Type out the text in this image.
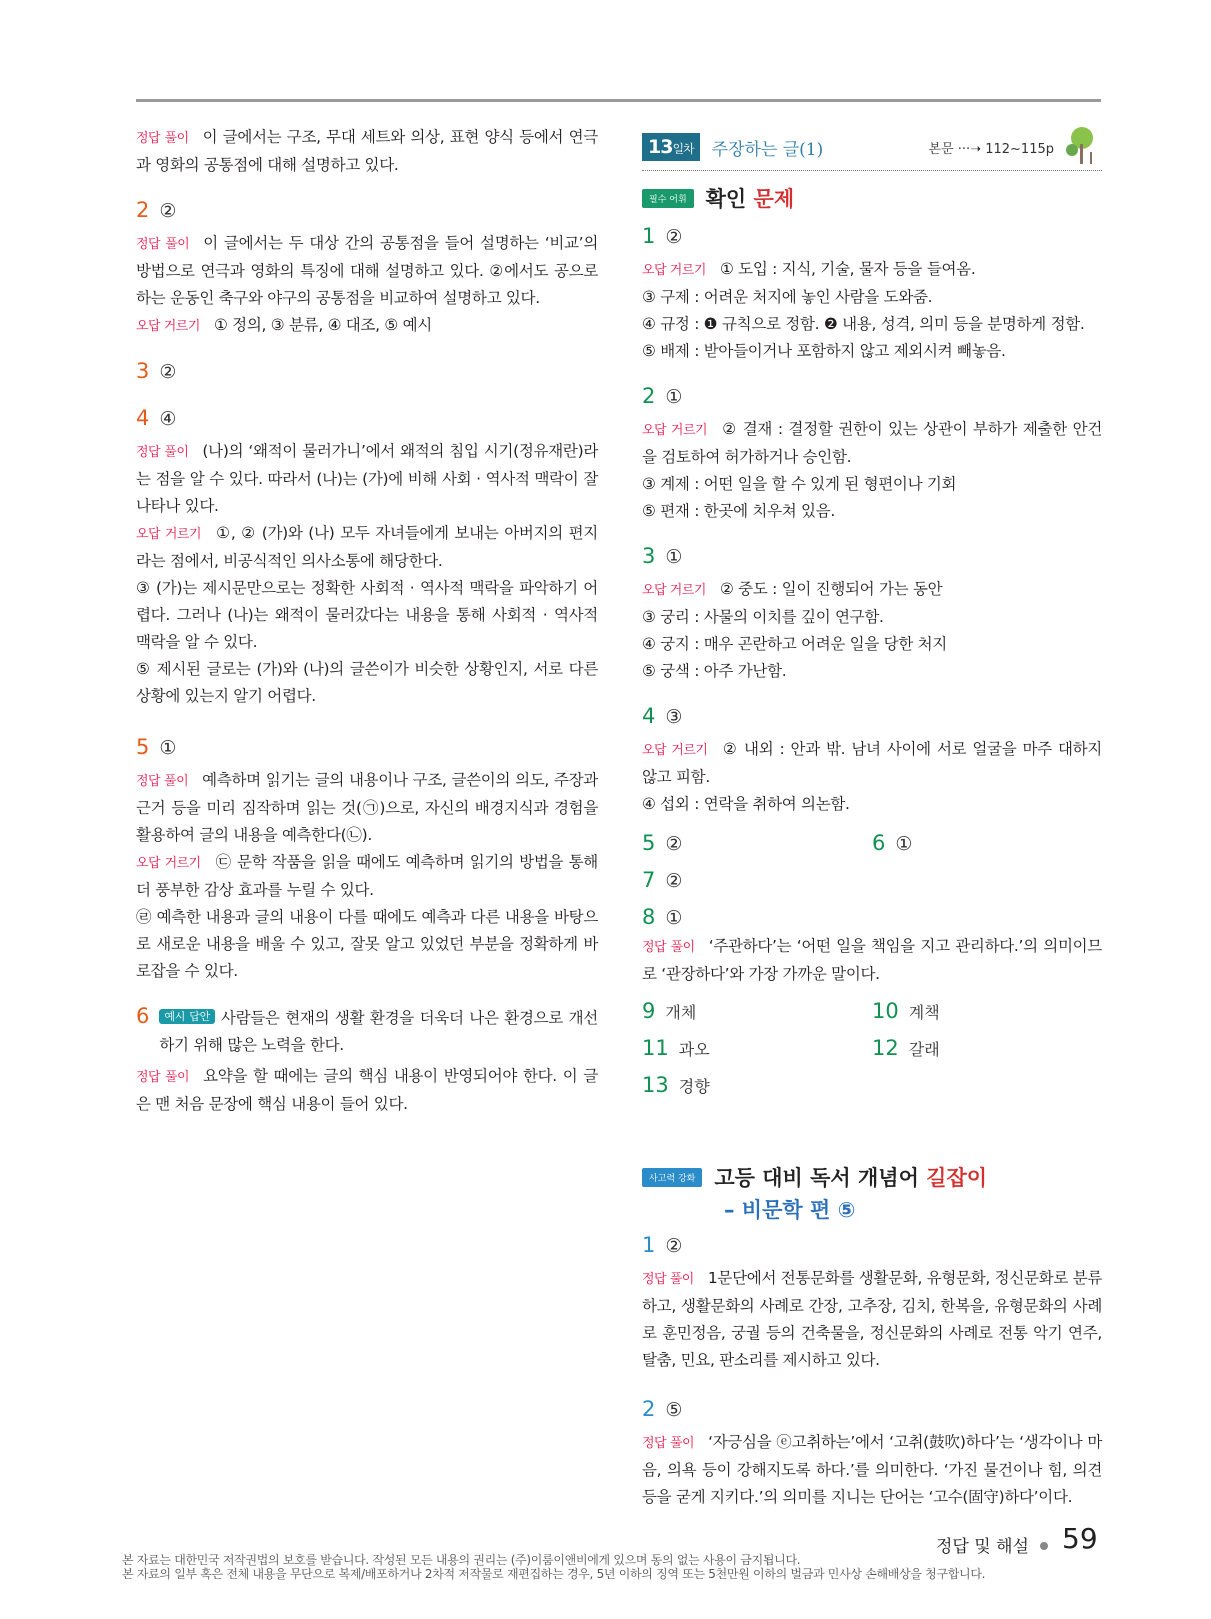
정답 풀이 이 글에서는 구조, 무대 세트와 의상, 표현 양식 등에서 연극과 영화의 공통점에 대해 설명하고 있다.

2 ②

정답 풀이 이 글에서는 두 대상 간의 공통점을 들어 설명하는 ‘비교’의 방법으로 연극과 영화의 특징에 대해 설명하고 있다. ②에서도 공으로 하는 운동인 축구와 야구의 공통점을 비교하여 설명하고 있다.

오답 거르기 ① 정의, ③ 분류, ④ 대조, ⑤ 예시

3 ②
4 ④

정답 풀이 (나)의 ‘왜적이 물러가니’에서 왜적의 침입 시기(정유재란)라는 점을 알 수 있다. 따라서 (나)는 (가)에 비해 사회 · 역사적 맥락이 잘 나타나 있다.

오답 거르기 ①, ② (가)와 (나) 모두 자녀들에게 보내는 아버지의 편지라는 점에서, 비공식적인 의사소통에 해당한다.

③ (가)는 제시문만으로는 정확한 사회적 · 역사적 맥락을 파악하기 어렵다. 그러나 (나)는 왜적이 물러갔다는 내용을 통해 사회적 · 역사적 맥락을 알 수 있다.

⑤ 제시된 글로는 (가)와 (나)의 글쓴이가 비슷한 상황인지, 서로 다른 상황에 있는지 알기 어렵다.

5 ①

정답 풀이 예측하며 읽기는 글의 내용이나 구조, 글쓴이의 의도, 주장과 근거 등을 미리 짐작하며 읽는 것(㉠)으로, 자신의 배경지식과 경험을 활용하여 글의 내용을 예측한다(㉡).

오답 거르기 ㉢ 문학 작품을 읽을 때에도 예측하며 읽기의 방법을 통해 더 풍부한 감상 효과를 누릴 수 있다.

㉣ 예측한 내용과 글의 내용이 다를 때에도 예측과 다른 내용을 바탕으로 새로운 내용을 배울 수 있고, 잘못 알고 있었던 부분을 정확하게 바로잡을 수 있다.

6	예시 답안 사람들은 현재의 생활 환경을 더욱더 나은 환경으로 개선하기 위해 많은 노력을 한다.

정답 풀이 요약을 할 때에는 글의 핵심 내용이 반영되어야 한다. 이 글은 맨 처음 문장에 핵심 내용이 들어 있다.

13일차	주장하는 글(1)	본문 ···➝ 112~115p
필수 어휘 확인 문제
1 ②

오답 거르기 ① 도입 : 지식, 기술, 물자 등을 들여옴.

③ 구제 : 어려운 처지에 놓인 사람을 도와줌.

④ 규정 : ❶ 규칙으로 정함. ❷ 내용, 성격, 의미 등을 분명하게 정함.

⑤ 배제 : 받아들이거나 포함하지 않고 제외시켜 빼놓음.

2 ①

오답 거르기 ② 결재 : 결정할 권한이 있는 상관이 부하가 제출한 안건을 검토하여 허가하거나 승인함.

③ 계제 : 어떤 일을 할 수 있게 된 형편이나 기회

⑤ 편재 : 한곳에 치우쳐 있음.

3 ①

오답 거르기 ② 중도 : 일이 진행되어 가는 동안

③ 궁리 : 사물의 이치를 깊이 연구함.

④ 궁지 : 매우 곤란하고 어려운 일을 당한 처지

⑤ 궁색 : 아주 가난함.

4 ③

오답 거르기 ② 내외 : 안과 밖. 남녀 사이에 서로 얼굴을 마주 대하지 않고 피함.

④ 섭외 : 연락을 취하여 의논함.

5 ②	6 ①
7 ②
8 ①

정답 풀이 ‘주관하다’는 ‘어떤 일을 책임을 지고 관리하다.’의 의미이므로 ‘관장하다’와 가장 가까운 말이다.

9 개체	10 계책
11 과오	12 갈래
13 경향
사고력 강화 고등 대비 독서 개념어 길잡이
– 비문학 편 ⑤
1 ②

정답 풀이 1문단에서 전통문화를 생활문화, 유형문화, 정신문화로 분류하고, 생활문화의 사례로 간장, 고추장, 김치, 한복을, 유형문화의 사례로 훈민정음, 궁궐 등의 건축물을, 정신문화의 사례로 전통 악기 연주, 탈춤, 민요, 판소리를 제시하고 있다.

2 ⑤

정답 풀이 ‘자긍심을 ⓔ고취하는’에서 ‘고취(鼓吹)하다’는 ‘생각이나 마음, 의욕 등이 강해지도록 하다.’를 의미한다. ‘가진 물건이나 힘, 의견 등을 굳게 지키다.’의 의미를 지니는 단어는 ‘고수(固守)하다’이다.

정답 및 해설 59
본 자료는 대한민국 저작권법의 보호를 받습니다. 작성된 모든 내용의 권리는 (주)이룸이앤비에게 있으며 동의 없는 사용이 금지됩니다.
본 자료의 일부 혹은 전체 내용을 무단으로 복제/배포하거나 2차적 저작물로 재편집하는 경우, 5년 이하의 징역 또는 5천만원 이하의 벌금과 민사상 손해배상을 청구합니다.
